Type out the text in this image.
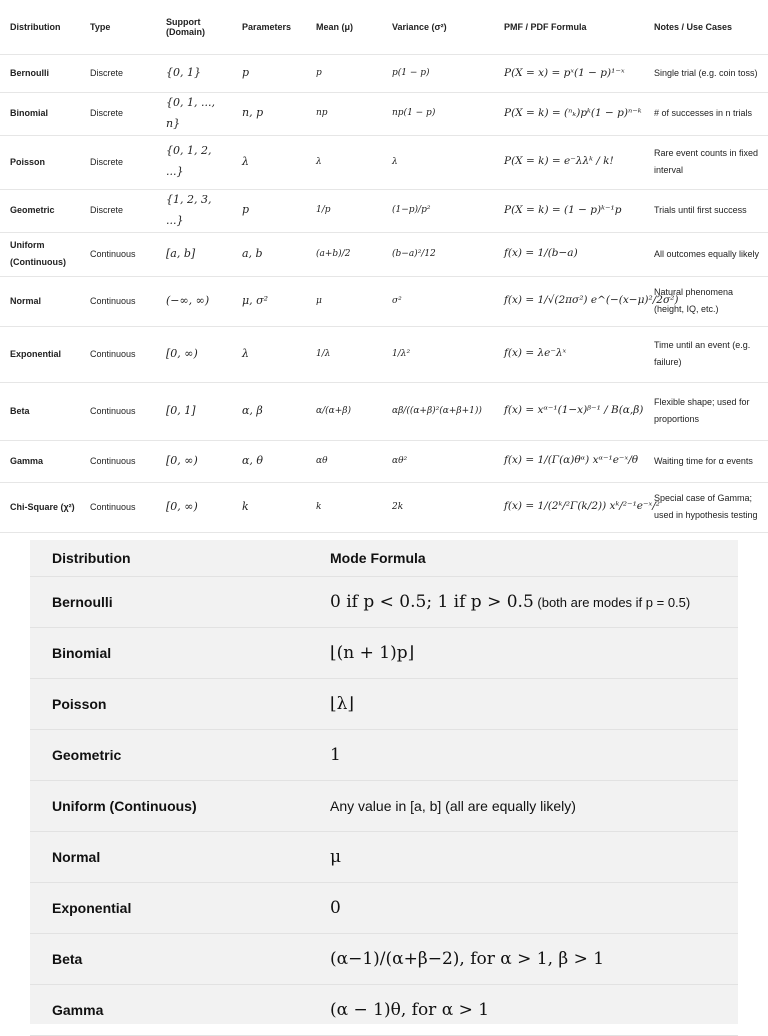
Distribution	Type	Support (Domain)	Parameters	Mean (μ)	Variance (σ²)	PMF / PDF Formula	Notes / Use Cases
Bernoulli	Discrete	{0, 1}	p	p	p(1 − p)	P(X = x) = pˣ(1 − p)¹⁻ˣ	Single trial (e.g. coin toss)
Binomial	Discrete	{0, 1, ..., n}	n, p	np	np(1 − p)	P(X = k) = (ⁿₖ)pᵏ(1 − p)ⁿ⁻ᵏ	# of successes in n trials
Poisson	Discrete	{0, 1, 2, ...}	λ	λ	λ	P(X = k) = e⁻λλᵏ / k!	Rare event counts in fixed interval
Geometric	Discrete	{1, 2, 3, ...}	p	1/p	(1−p)/p²	P(X = k) = (1 − p)ᵏ⁻¹p	Trials until first success
Uniform (Continuous)	Continuous	[a, b]	a, b	(a+b)/2	(b−a)²/12	f(x) = 1/(b−a)	All outcomes equally likely
Normal	Continuous	(−∞, ∞)	μ, σ²	μ	σ²	f(x) = 1/√(2πσ²) e^(−(x−μ)²/2σ²)	Natural phenomena (height, IQ, etc.)
Exponential	Continuous	[0, ∞)	λ	1/λ	1/λ²	f(x) = λe⁻λˣ	Time until an event (e.g. failure)
Beta	Continuous	[0, 1]	α, β	α/(α+β)	αβ/((α+β)²(α+β+1))	f(x) = xᵅ⁻¹(1−x)ᵝ⁻¹ / B(α,β)	Flexible shape; used for proportions
Gamma	Continuous	[0, ∞)	α, θ	αθ	αθ²	f(x) = 1/(Γ(α)θᵅ) xᵅ⁻¹e⁻ˣ/θ	Waiting time for α events
Chi-Square (χ²)	Continuous	[0, ∞)	k	k	2k	f(x) = 1/(2ᵏ/²Γ(k/2)) xᵏ/²⁻¹e⁻ˣ/²	Special case of Gamma; used in hypothesis testing
Distribution	Mode Formula
Bernoulli	0 if p < 0.5; 1 if p > 0.5 (both are modes if p = 0.5)
Binomial	⌊(n + 1)p⌋
Poisson	⌊λ⌋
Geometric	1
Uniform (Continuous)	Any value in [a, b] (all are equally likely)
Normal	μ
Exponential	0
Beta	(α−1)/(α+β−2), for α > 1, β > 1
Gamma	(α − 1)θ, for α > 1
